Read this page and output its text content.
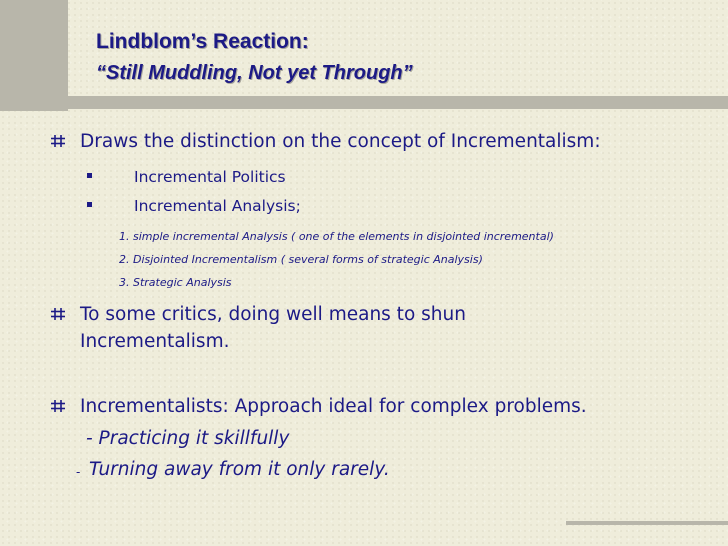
Lindblom’s Reaction:
“Still Muddling, Not yet Through”
Draws the distinction on the concept of Incrementalism:
Incremental Politics
Incremental Analysis;
1. simple incremental Analysis ( one of the elements in disjointed incremental)
2. Disjointed Incrementalism ( several forms of strategic Analysis)
3. Strategic Analysis
To some critics, doing well means to shun
Incrementalism.
Incrementalists: Approach ideal for complex problems.
- Practicing it skillfully
- Turning away from it only rarely.
